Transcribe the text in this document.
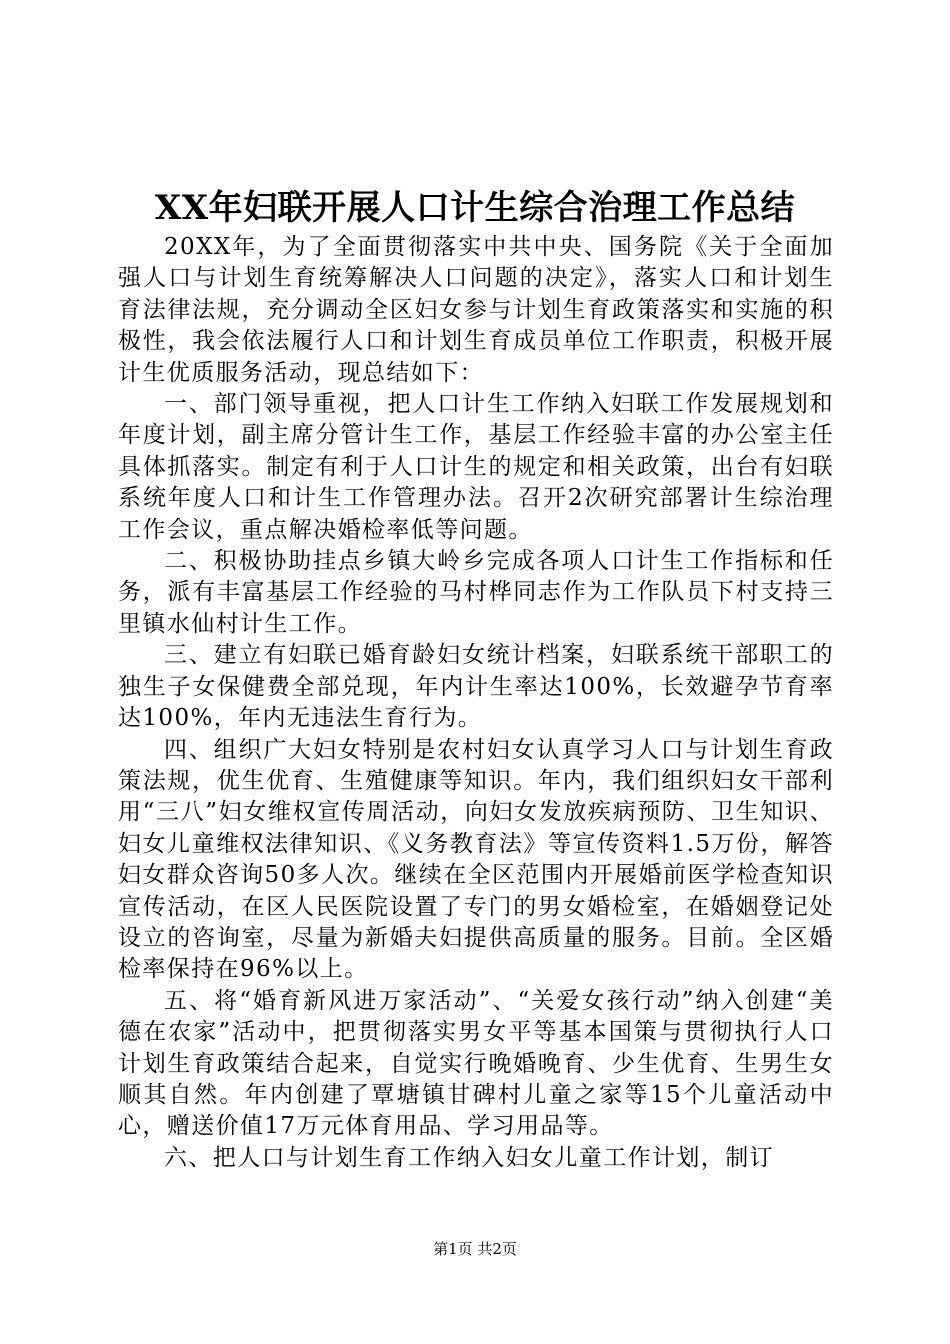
XX年妇联开展人口计生综合治理工作总结

20XX年，为了全面贯彻落实中共中央、国务院《关于全面加强人口与计划生育统筹解决人口问题的决定》，落实人口和计划生育法律法规，充分调动全区妇女参与计划生育政策落实和实施的积极性，我会依法履行人口和计划生育成员单位工作职责，积极开展计生优质服务活动，现总结如下：

一、部门领导重视，把人口计生工作纳入妇联工作发展规划和年度计划，副主席分管计生工作，基层工作经验丰富的办公室主任具体抓落实。制定有利于人口计生的规定和相关政策，出台有妇联系统年度人口和计生工作管理办法。召开2次研究部署计生综治理工作会议，重点解决婚检率低等问题。

二、积极协助挂点乡镇大岭乡完成各项人口计生工作指标和任务，派有丰富基层工作经验的马村桦同志作为工作队员下村支持三里镇水仙村计生工作。

三、建立有妇联已婚育龄妇女统计档案，妇联系统干部职工的独生子女保健费全部兑现，年内计生率达100%，长效避孕节育率达100%，年内无违法生育行为。

四、组织广大妇女特别是农村妇女认真学习人口与计划生育政策法规，优生优育、生殖健康等知识。年内，我们组织妇女干部利用“三八”妇女维权宣传周活动，向妇女发放疾病预防、卫生知识、妇女儿童维权法律知识、《义务教育法》等宣传资料1.5万份，解答妇女群众咨询50多人次。继续在全区范围内开展婚前医学检查知识宣传活动，在区人民医院设置了专门的男女婚检室，在婚姻登记处设立的咨询室，尽量为新婚夫妇提供高质量的服务。目前。全区婚检率保持在96%以上。

五、将“婚育新风进万家活动”、“关爱女孩行动”纳入创建“美德在农家”活动中，把贯彻落实男女平等基本国策与贯彻执行人口计划生育政策结合起来，自觉实行晚婚晚育、少生优育、生男生女顺其自然。年内创建了覃塘镇甘碑村儿童之家等15个儿童活动中心，赠送价值17万元体育用品、学习用品等。

六、把人口与计划生育工作纳入妇女儿童工作计划，制订

第1页 共2页
